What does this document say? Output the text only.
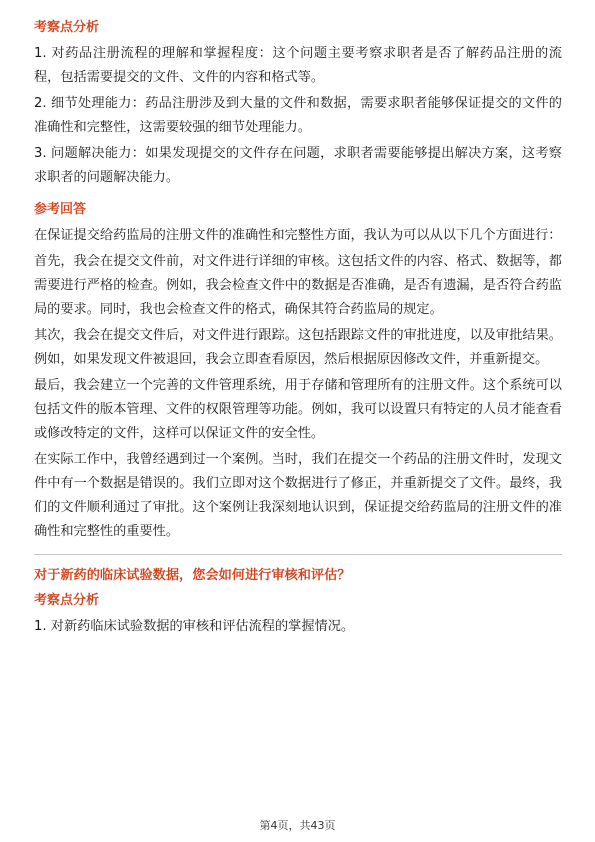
考察点分析
1. 对药品注册流程的理解和掌握程度：这个问题主要考察求职者是否了解药品注册的流程，包括需要提交的文件、文件的内容和格式等。
2. 细节处理能力：药品注册涉及到大量的文件和数据，需要求职者能够保证提交的文件的准确性和完整性，这需要较强的细节处理能力。
3. 问题解决能力：如果发现提交的文件存在问题，求职者需要能够提出解决方案，这考察求职者的问题解决能力。
参考回答
在保证提交给药监局的注册文件的准确性和完整性方面，我认为可以从以下几个方面进行：
首先，我会在提交文件前，对文件进行详细的审核。这包括文件的内容、格式、数据等，都需要进行严格的检查。例如，我会检查文件中的数据是否准确，是否有遗漏，是否符合药监局的要求。同时，我也会检查文件的格式，确保其符合药监局的规定。
其次，我会在提交文件后，对文件进行跟踪。这包括跟踪文件的审批进度，以及审批结果。例如，如果发现文件被退回，我会立即查看原因，然后根据原因修改文件，并重新提交。
最后，我会建立一个完善的文件管理系统，用于存储和管理所有的注册文件。这个系统可以包括文件的版本管理、文件的权限管理等功能。例如，我可以设置只有特定的人员才能查看或修改特定的文件，这样可以保证文件的安全性。
在实际工作中，我曾经遇到过一个案例。当时，我们在提交一个药品的注册文件时，发现文件中有一个数据是错误的。我们立即对这个数据进行了修正，并重新提交了文件。最终，我们的文件顺利通过了审批。这个案例让我深刻地认识到，保证提交给药监局的注册文件的准确性和完整性的重要性。
对于新药的临床试验数据，您会如何进行审核和评估？
考察点分析
1. 对新药临床试验数据的审核和评估流程的掌握情况。
第4页，共43页
